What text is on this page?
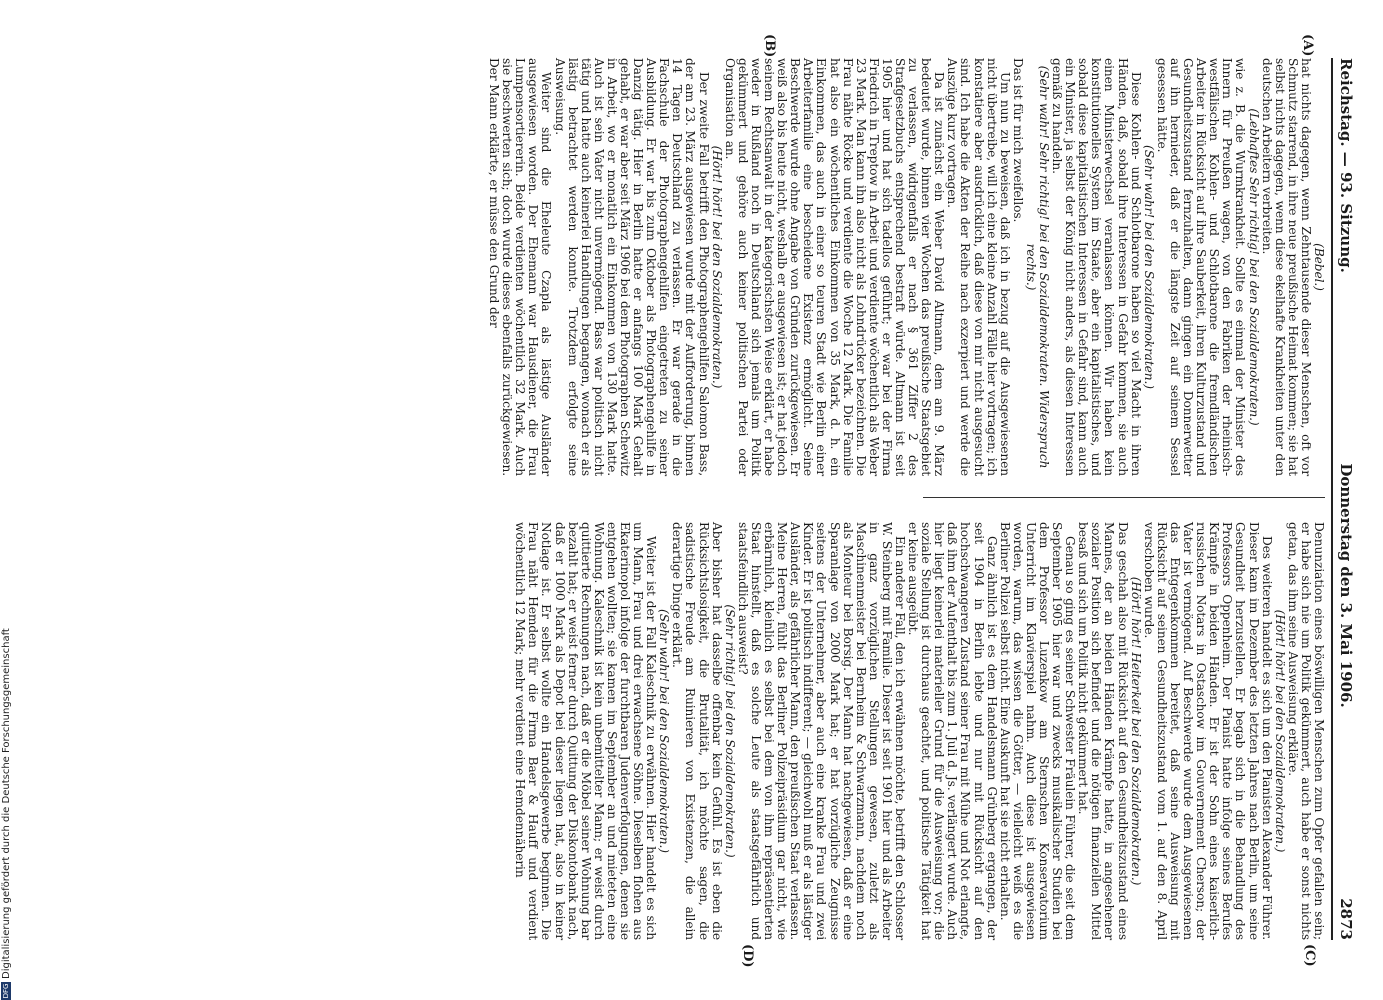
Reichstag. — 93. Sitzung.
Donnerstag den 3. Mai 1906.
2873
(A)
(B)
(C)
(D)

(Bebel.)

hat nichts dagegen, wenn Zehntausende dieser Menschen, oft vor Schmutz starrend, in ihre neue preußische Heimat kommen; sie hat selbst nichts dagegen, wenn diese ekelhafte Krankheiten unter den deutschen Arbeitern verbreiten.

(Lebhaftes Sehr richtig! bei den Sozialdemokraten.)

wie z. B. die Wurmkrankheit. Sollte es einmal der Minister des Innern für Preußen wagen, von den Fabriken der rheinisch-westfälischen Kohlen- und Schlotbarone die fremdländischen Arbeiter in Rücksicht auf ihre Sauberkeit, ihren Kulturzustand und Gesundheitszustand fernzuhalten, dann gingen ein Donnerwetter auf ihn hernieder, daß er die längste Zeit auf seinem Sessel gesessen hätte.

(Sehr wahr! bei den Sozialdemokraten.)

Diese Kohlen- und Schlotbarone haben so viel Macht in ihren Händen, daß, sobald ihre Interessen in Gefahr kommen, sie auch einen Ministerwechsel veranlassen können. Wir haben kein konstitutionelles System im Staate, aber ein kapitalistisches, und sobald diese kapitalistischen Interessen in Gefahr sind, kann auch ein Minister, ja selbst der König nicht anders, als diesen Interessen gemäß zu handeln.

(Sehr wahr! Sehr richtig! bei den Sozialdemokraten. Widerspruch rechts.)

Das ist für mich zweifellos.

Um nun zu beweisen, daß ich in bezug auf die Ausgewiesenen nicht übertreibe, will ich eine kleine Anzahl Fälle hier vortragen; ich konstatiere aber ausdrücklich, daß diese von mir nicht ausgesucht sind. Ich habe die Akten der Reihe nach exzerpiert und werde die Auszüge kurz vortragen.

Da ist zunächst ein Weber David Altmann, dem am 9. März bedeutet wurde, binnen vier Wochen das preußische Staatsgebiet zu verlassen, widrigenfalls er nach § 361 Ziffer 2 des Strafgesetzbuchs entsprechend bestraft würde. Altmann ist seit 1905 hier und hat sich tadellos geführt; er war bei der Firma Friedrich in Treptow in Arbeit und verdiente wöchentlich als Weber 23 Mark. Man kann ihn also nicht als Lohndrücker bezeichnen. Die Frau nähte Röcke und verdiente die Woche 12 Mark. Die Familie hat also ein wöchentliches Einkommen von 35 Mark, d. h. ein Einkommen, das auch in einer so teuren Stadt wie Berlin einer Arbeiterfamilie eine bescheidene Existenz ermöglicht. Seine Beschwerde wurde ohne Angabe von Gründen zurückgewiesen. Er weiß also bis heute nicht, weshalb er ausgewiesen ist; er hat jedoch seinem Rechtsanwalt in der kategorischsten Weise erklärt, er habe weder in Rußland noch in Deutschland sich jemals um Politik gekümmert und gehöre auch keiner politischen Partei oder Organisation an.

(Hört! hört! bei den Sozialdemokraten.)

Der zweite Fall betrifft den Photographengehilfen Salomon Bass, der am 23. März ausgewiesen wurde mit der Aufforderung, binnen 14 Tagen Deutschland zu verlassen. Er war gerade in die Fachschule der Photographengehilfen eingetreten zu seiner Ausbildung. Er war bis zum Oktober als Photographengehilfe in Danzig tätig. Hier in Berlin hatte er anfangs 100 Mark Gehalt gehabt, er war aber seit März 1906 bei dem Photographen Schewitz in Arbeit, wo er monatlich ein Einkommen von 130 Mark hatte. Auch ist sein Vater nicht unvermögend. Bass war politisch nicht tätig und hatte auch keinerlei Handlungen begangen, wonach er als lästig betrachtet werden konnte. Trotzdem erfolgte seine Ausweisung.

Weiter sind die Eheleute Czapla als lästige Ausländer ausgewiesen worden. Der Ehemann war Hausdiener, die Frau Lumpensortiererin. Beide verdienten wöchentlich 32 Mark. Auch sie beschwerten sich; doch wurde dieses ebenfalls zurückgewiesen. Der Mann erklärte, er müsse den Grund der

Denunziation eines böswilligen Menschen zum Opfer gefallen sein; er habe sich nie um Politik gekümmert, auch habe er sonst nichts getan, das ihm seine Ausweisung erkläre.

(Hört! hört! bei den Sozialdemokraten.)

Des weiteren handelt es sich um den Pianisten Alexander Führer. Dieser kam im Dezember des letzten Jahres nach Berlin, um seine Gesundheit herzustellen. Er begab sich in die Behandlung des Professors Oppenheim. Der Pianist hatte infolge seines Berufes Krämpfe in beiden Händen. Er ist der Sohn eines kaiserlich-russischen Notars in Ostaschow im Gouvernement Cherson; der Vater ist vermögend. Auf Beschwerde wurde dem Ausgewiesenen das Entgegenkommen bereitet, daß seine Ausweisung mit Rücksicht auf seinen Gesundheitszustand vom 1. auf den 8. April verschoben wurde.

(Hört! hört! Heiterkeit bei den Sozialdemokraten.)

Das geschah also mit Rücksicht auf den Gesundheitszustand eines Mannes, der an beiden Händen Krämpfe hatte, in angesehener sozialer Position sich befindet und die nötigen finanziellen Mittel besaß und sich um Politik nicht gekümmert hat.

Genau so ging es seiner Schwester Fräulein Führer, die seit dem September 1905 hier war und zwecks musikalischer Studien bei dem Professor Luzenkow am Sternschen Konservatorium Unterricht im Klavierspiel nahm. Auch diese ist ausgewiesen worden, warum, das wissen die Götter, — vielleicht weiß es die Berliner Polizei selbst nicht. Eine Auskunft hat sie nicht erhalten.

Ganz ähnlich ist es dem Handelsmann Grünberg ergangen, der seit 1904 in Berlin lebte und nur mit Rücksicht auf den hochschwangeren Zustand seiner Frau mit Mühe und Not erlangte, daß ihm der Aufenthalt bis zum 1. Juli d. Js. verlängert wurde. Auch hier liegt keinerlei materieller Grund für die Ausweisung vor; die soziale Stellung ist durchaus geachtet, und politische Tätigkeit hat er keine ausgeübt.

Ein anderer Fall, den ich erwähnen möchte, betrifft den Schlosser W. Steinberg mit Familie. Dieser ist seit 1901 hier und als Arbeiter in ganz vorzüglichen Stellungen gewesen, zuletzt als Maschinenmeister bei Bernheim & Schwarzmann, nachdem noch als Monteur bei Borsig. Der Mann hat nachgewiesen, daß er eine Sparanlage von 2000 Mark hat; er hat vorzügliche Zeugnisse seitens der Unternehmer, aber auch eine kranke Frau und zwei Kinder. Er ist politisch indifferent; — gleichwohl muß er als lästiger Ausländer, als gefährlicher Mann, den preußischen Staat verlassen. Meine Herren, fühlt das Berliner Polizeipräsidium gar nicht, wie erbärmlich, kleinlich es selbst bei dem von ihm repräsentierten Staat hinstellt, daß es solche Leute als staatsgefährlich und staatsfeindlich ausweist?

(Sehr richtig! bei den Sozialdemokraten.)

Aber bisher hat dasselbe offenbar kein Gefühl. Es ist eben die Rücksichtslosigkeit, die Brutalität, ich möchte sagen, die sadistische Freude am Ruinieren von Existenzen, die allein derartige Dinge erklärt.

(Sehr wahr! bei den Sozialdemokraten.)

Weiter ist der Fall Kaleschnik zu erwähnen. Hier handelt es sich um Mann, Frau und drei erwachsene Söhne. Dieselben flohen aus Ekaterinopol infolge der furchtbaren Judenverfolgungen, denen sie entgehen wollten; sie kamen im September an und mieteten eine Wohnung. Kaleschnik ist kein unbemittelter Mann; er weist durch quittierte Rechnungen nach, daß er die Möbel seiner Wohnung bar bezahlt hat; er weist ferner durch Quittung der Diskontobank nach, daß er 1000 Mark als Depot bei dieser liegen hat, also in keiner Notlage ist. Er selbst wollte ein Handelsgewerbe beginnen. Die Frau näht Hemden für die Firma Baer & Hauff und verdient wöchentlich 12 Mark; mehr verdient eine Hemdennäherin

DFGDigitalisierung gefördert durch die Deutsche Forschungsgemeinschaft
